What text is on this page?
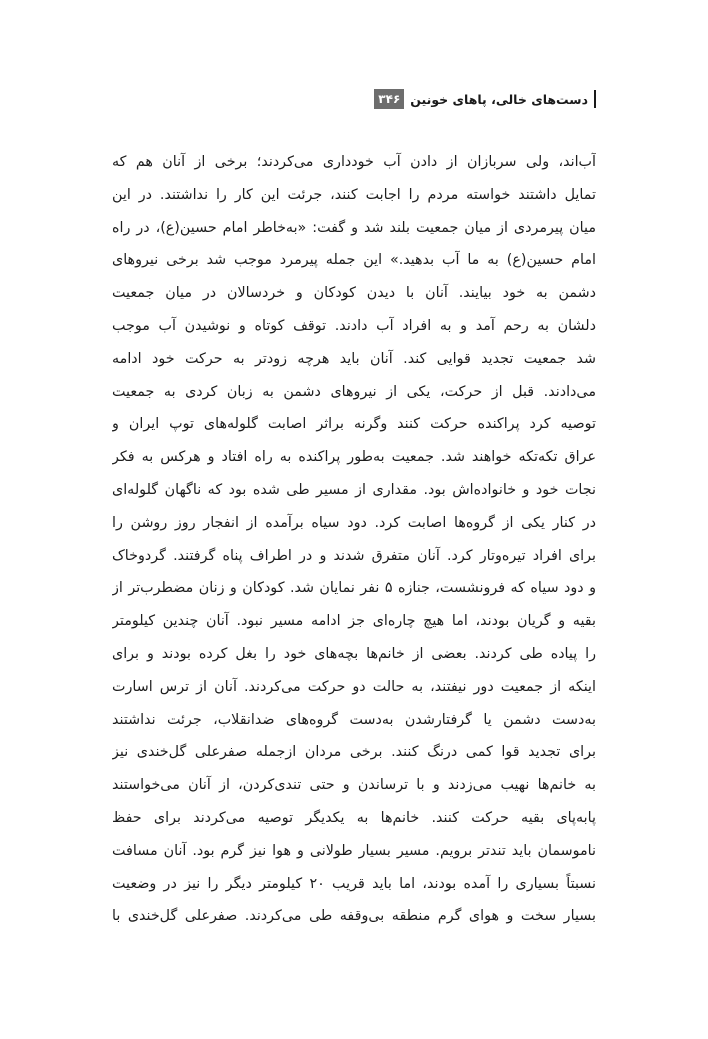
۳۴۶ دست‌های خالی، پاهای خونین
آب‌اند، ولی سربازان از دادن آب خودداری می‌کردند؛ برخی از آنان هم که
تمایل داشتند خواسته مردم را اجابت کنند، جرئت این کار را نداشتند. در این
میان پیرمردی از میان جمعیت بلند شد و گفت: «به‌خاطر امام حسین(ع)، در راه
امام حسین(ع) به ما آب بدهید.» این جمله پیرمرد موجب شد برخی نیروهای
دشمن به خود بیایند. آنان با دیدن کودکان و خردسالان در میان جمعیت
دلشان به رحم آمد و به افراد آب دادند. توقف کوتاه و نوشیدن آب موجب
شد جمعیت تجدید قوایی کند. آنان باید هرچه زودتر به حرکت خود ادامه
می‌دادند. قبل از حرکت، یکی از نیروهای دشمن به زبان کردی به جمعیت
توصیه کرد پراکنده حرکت کنند وگرنه براثر اصابت گلوله‌های توپ ایران و
عراق تکه‌تکه خواهند شد. جمعیت به‌طور پراکنده به راه افتاد و هرکس به فکر
نجات خود و خانواده‌اش بود. مقداری از مسیر طی شده بود که ناگهان گلوله‌ای
در کنار یکی از گروه‌ها اصابت کرد. دود سیاه برآمده از انفجار روز روشن را
برای افراد تیره‌وتار کرد. آنان متفرق شدند و در اطراف پناه گرفتند. گردوخاک
و دود سیاه که فرونشست، جنازه ۵ نفر نمایان شد. کودکان و زنان مضطرب‌تر از
بقیه و گریان بودند، اما هیچ چاره‌ای جز ادامه مسیر نبود. آنان چندین کیلومتر
را پیاده طی کردند. بعضی از خانم‌ها بچه‌های خود را بغل کرده بودند و برای
اینکه از جمعیت دور نیفتند، به حالت دو حرکت می‌کردند. آنان از ترس اسارت
به‌دست دشمن یا گرفتارشدن به‌دست گروه‌های ضدانقلاب، جرئت نداشتند
برای تجدید قوا کمی درنگ کنند. برخی مردان ازجمله صفرعلی گل‌خندی نیز
به خانم‌ها نهیب می‌زدند و با ترساندن و حتی تندی‌کردن، از آنان می‌خواستند
پابه‌پای بقیه حرکت کنند. خانم‌ها به یکدیگر توصیه می‌کردند برای حفظ
ناموسمان باید تندتر برویم. مسیر بسیار طولانی و هوا نیز گرم بود. آنان مسافت
نسبتاً بسیاری را آمده بودند، اما باید قریب ۲۰ کیلومتر دیگر را نیز در وضعیت
بسیار سخت و هوای گرم منطقه بی‌وقفه طی می‌کردند. صفرعلی گل‌خندی با
